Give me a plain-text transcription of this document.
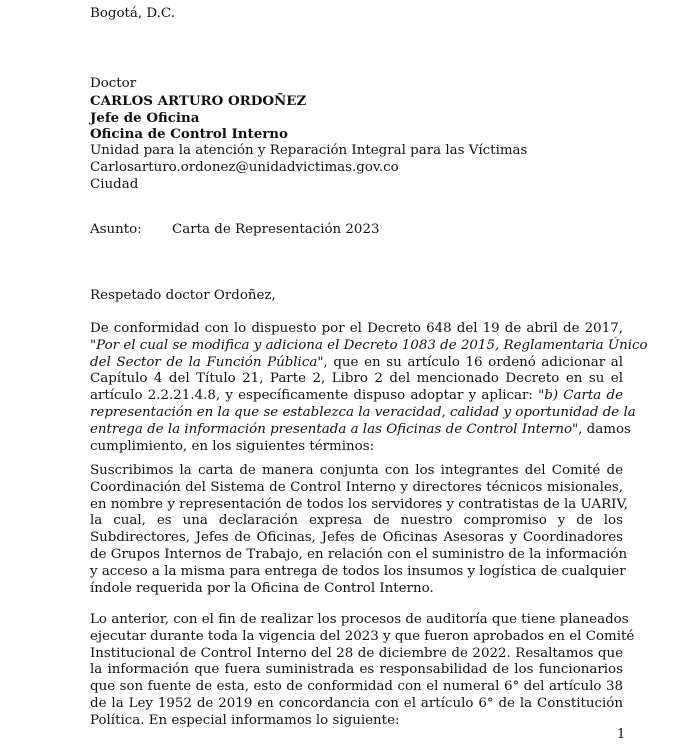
Bogotá, D.C.
Doctor
CARLOS ARTURO ORDOÑEZ
Jefe de Oficina
Oficina de Control Interno
Unidad para la atención y Reparación Integral para las Víctimas
Carlosarturo.ordonez@unidadvictimas.gov.co
Ciudad
Asunto: Carta de Representación 2023
Respetado doctor Ordoñez,
De conformidad con lo dispuesto por el Decreto 648 del 19 de abril de 2017,
"Por el cual se modifica y adiciona el Decreto 1083 de 2015, Reglamentaria Único
del Sector de la Función Pública", que en su artículo 16 ordenó adicionar al
Capítulo 4 del Título 21, Parte 2, Libro 2 del mencionado Decreto en su el
artículo 2.2.21.4.8, y específicamente dispuso adoptar y aplicar: "b) Carta de
representación en la que se establezca la veracidad, calidad y oportunidad de la
entrega de la información presentada a las Oficinas de Control Interno", damos
cumplimiento, en los siguientes términos:
Suscribimos la carta de manera conjunta con los integrantes del Comité de
Coordinación del Sistema de Control Interno y directores técnicos misionales,
en nombre y representación de todos los servidores y contratistas de la UARIV,
la cual, es una declaración expresa de nuestro compromiso y de los
Subdirectores, Jefes de Oficinas, Jefes de Oficinas Asesoras y Coordinadores
de Grupos Internos de Trabajo, en relación con el suministro de la información
y acceso a la misma para entrega de todos los insumos y logística de cualquier
índole requerida por la Oficina de Control Interno.
Lo anterior, con el fin de realizar los procesos de auditoría que tiene planeados
ejecutar durante toda la vigencia del 2023 y que fueron aprobados en el Comité
Institucional de Control Interno del 28 de diciembre de 2022. Resaltamos que
la información que fuera suministrada es responsabilidad de los funcionarios
que son fuente de esta, esto de conformidad con el numeral 6° del artículo 38
de la Ley 1952 de 2019 en concordancia con el artículo 6° de la Constitución
Política. En especial informamos lo siguiente:
1
